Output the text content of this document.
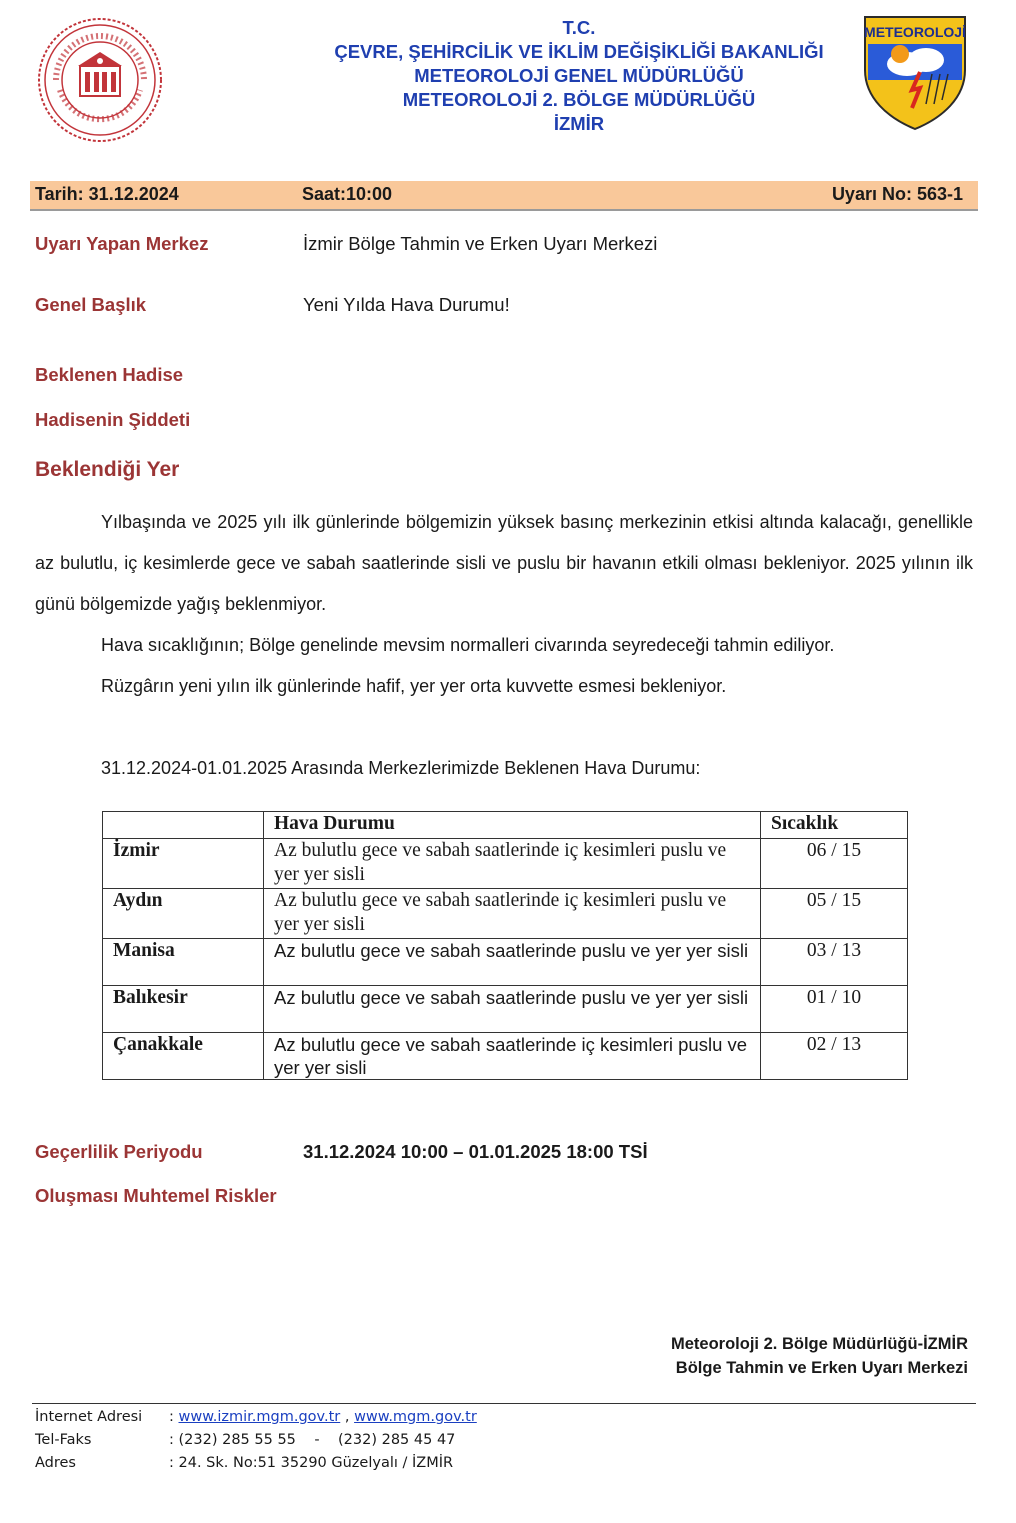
T.C.
ÇEVRE, ŞEHİRCİLİK VE İKLİM DEĞİŞİKLİĞİ BAKANLIĞI
METEOROLOJİ GENEL MÜDÜRLÜĞÜ
METEOROLOJİ 2. BÖLGE MÜDÜRLÜĞÜ
İZMİR
METEOROLOJİ
Tarih: 31.12.2024	Saat:10:00	Uyarı No: 563-1
Uyarı Yapan Merkez	İzmir Bölge Tahmin ve Erken Uyarı Merkezi
Genel Başlık	Yeni Yılda Hava Durumu!
Beklenen Hadise
Hadisenin Şiddeti
Beklendiği Yer

Yılbaşında ve 2025 yılı ilk günlerinde bölgemizin yüksek basınç merkezinin etkisi altında kalacağı, genellikle az bulutlu, iç kesimlerde gece ve sabah saatlerinde sisli ve puslu bir havanın etkili olması bekleniyor. 2025 yılının ilk günü bölgemizde yağış beklenmiyor.

Hava sıcaklığının; Bölge genelinde mevsim normalleri civarında seyredeceği tahmin ediliyor.
Rüzgârın yeni yılın ilk günlerinde hafif, yer yer orta kuvvette esmesi bekleniyor.
31.12.2024-01.01.2025 Arasında Merkezlerimizde Beklenen Hava Durumu:
	Hava Durumu	Sıcaklık
İzmir	Az bulutlu gece ve sabah saatlerinde iç kesimleri puslu ve yer yer sisli	06 / 15
Aydın	Az bulutlu gece ve sabah saatlerinde iç kesimleri puslu ve yer yer sisli	05 / 15
Manisa	Az bulutlu gece ve sabah saatlerinde puslu ve yer yer sisli	03 / 13
Balıkesir	Az bulutlu gece ve sabah saatlerinde puslu ve yer yer sisli	01 / 10
Çanakkale	Az bulutlu gece ve sabah saatlerinde iç kesimleri puslu ve yer yer sisli	02 / 13
Geçerlilik Periyodu	31.12.2024 10:00 – 01.01.2025 18:00 TSİ
Oluşması Muhtemel Riskler
Meteoroloji 2. Bölge Müdürlüğü-İZMİR
Bölge Tahmin ve Erken Uyarı Merkezi
İnternet Adresi : www.izmir.mgm.gov.tr , www.mgm.gov.tr
Tel-Faks	: (232) 285 55 55    -    (232) 285 45 47
Adres	: 24. Sk. No:51 35290 Güzelyalı / İZMİR
